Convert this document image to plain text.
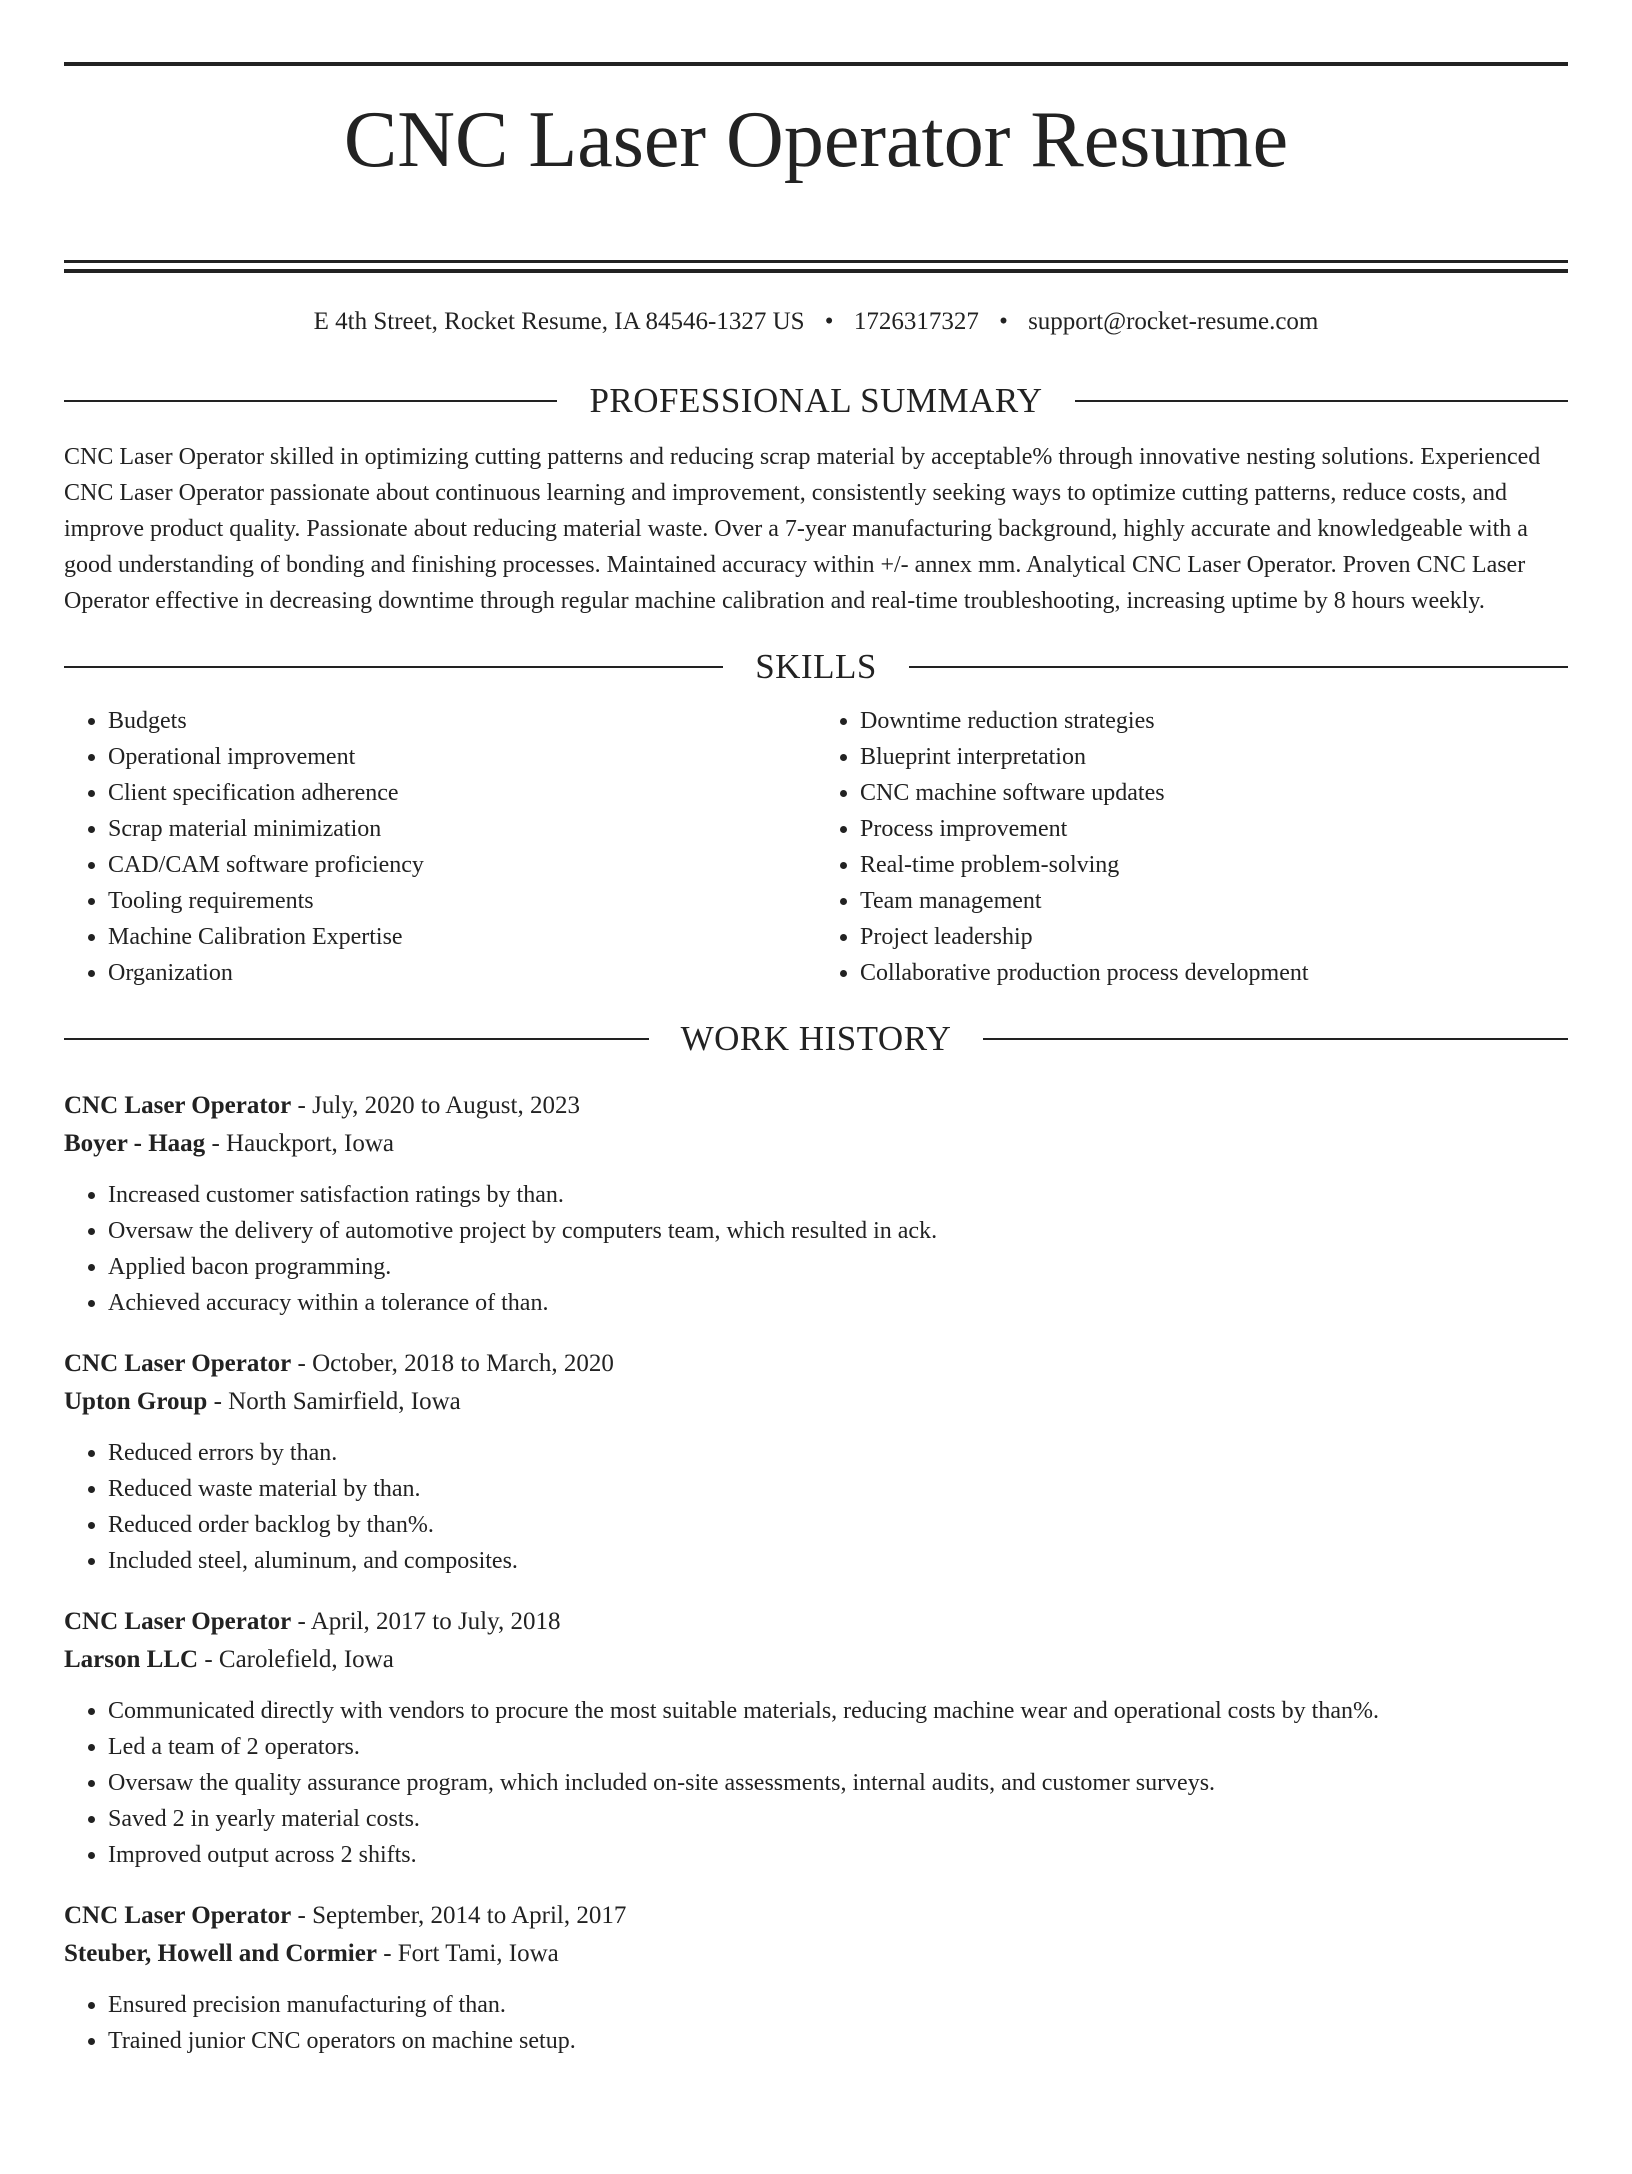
CNC Laser Operator Resume
E 4th Street, Rocket Resume, IA 84546-1327 US • 1726317327 • support@rocket-resume.com
PROFESSIONAL SUMMARY
CNC Laser Operator skilled in optimizing cutting patterns and reducing scrap material by acceptable% through innovative nesting solutions. Experienced CNC Laser Operator passionate about continuous learning and improvement, consistently seeking ways to optimize cutting patterns, reduce costs, and improve product quality. Passionate about reducing material waste. Over a 7-year manufacturing background, highly accurate and knowledgeable with a good understanding of bonding and finishing processes. Maintained accuracy within +/- annex mm. Analytical CNC Laser Operator. Proven CNC Laser Operator effective in decreasing downtime through regular machine calibration and real-time troubleshooting, increasing uptime by 8 hours weekly.
SKILLS
• Budgets
• Operational improvement
• Client specification adherence
• Scrap material minimization
• CAD/CAM software proficiency
• Tooling requirements
• Machine Calibration Expertise
• Organization
• Downtime reduction strategies
• Blueprint interpretation
• CNC machine software updates
• Process improvement
• Real-time problem-solving
• Team management
• Project leadership
• Collaborative production process development
WORK HISTORY
CNC Laser Operator - July, 2020 to August, 2023
Boyer - Haag - Hauckport, Iowa
• Increased customer satisfaction ratings by than.
• Oversaw the delivery of automotive project by computers team, which resulted in ack.
• Applied bacon programming.
• Achieved accuracy within a tolerance of than.
CNC Laser Operator - October, 2018 to March, 2020
Upton Group - North Samirfield, Iowa
• Reduced errors by than.
• Reduced waste material by than.
• Reduced order backlog by than%.
• Included steel, aluminum, and composites.
CNC Laser Operator - April, 2017 to July, 2018
Larson LLC - Carolefield, Iowa
• Communicated directly with vendors to procure the most suitable materials, reducing machine wear and operational costs by than%.
• Led a team of 2 operators.
• Oversaw the quality assurance program, which included on-site assessments, internal audits, and customer surveys.
• Saved 2 in yearly material costs.
• Improved output across 2 shifts.
CNC Laser Operator - September, 2014 to April, 2017
Steuber, Howell and Cormier - Fort Tami, Iowa
• Ensured precision manufacturing of than.
• Trained junior CNC operators on machine setup.
